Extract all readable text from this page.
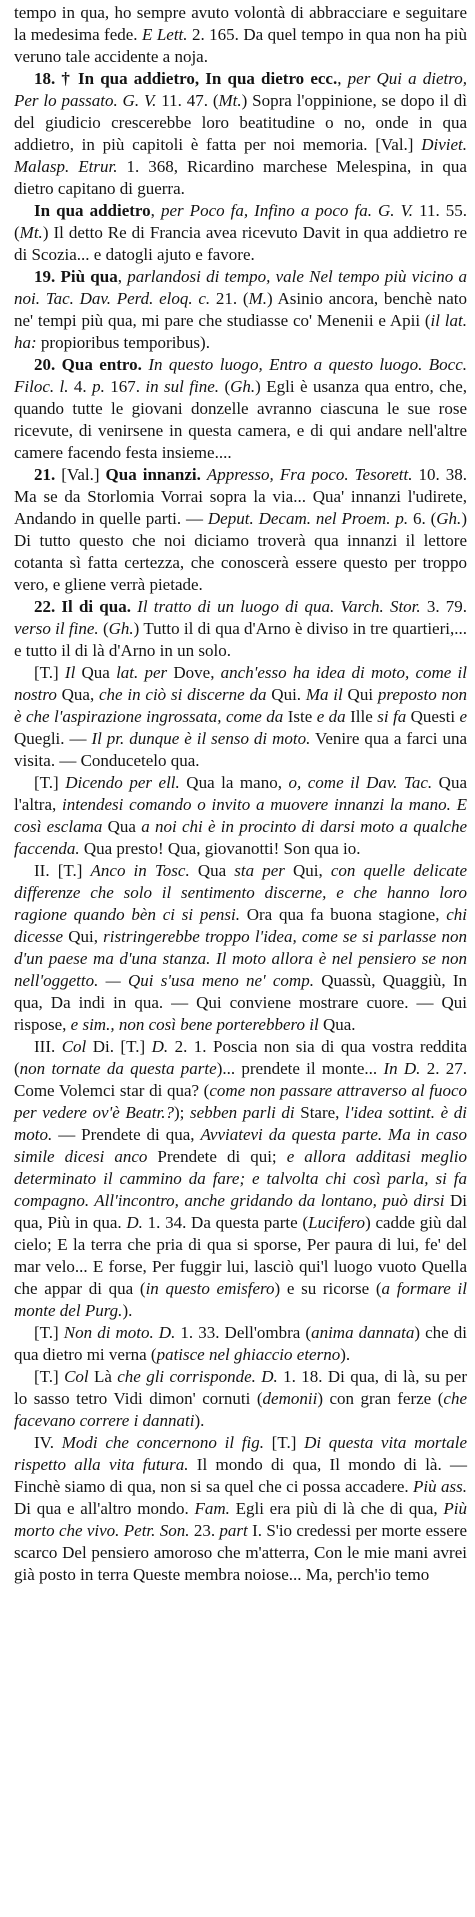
tempo in qua, ho sempre avuto volontà di abbracciare e seguitare la medesima fede. E Lett. 2. 165. Da quel tempo in qua non ha più veruno tale accidente a noja.

18. † In qua addietro, In qua dietro ecc., per Qui a dietro, Per lo passato. G. V. 11. 47. (Mt.) Sopra l'oppinione, se dopo il dì del giudicio crescerebbe loro beatitudine o no, onde in qua addietro, in più capitoli è fatta per noi memoria. [Val.] Diviet. Malasp. Etrur. 1. 368, Ricardino marchese Melespina, in qua dietro capitano di guerra.

In qua addietro, per Poco fa, Infino a poco fa. G. V. 11. 55. (Mt.) Il detto Re di Francia avea ricevuto Davit in qua addietro re di Scozia... e datogli ajuto e favore.

19. Più qua, parlandosi di tempo, vale Nel tempo più vicino a noi. Tac. Dav. Perd. eloq. c. 21. (M.) Asinio ancora, benchè nato ne' tempi più qua, mi pare che studiasse co' Menenii e Apii (il lat. ha: propioribus temporibus).

20. Qua entro. In questo luogo, Entro a questo luogo. Bocc. Filoc. l. 4. p. 167. in sul fine. (Gh.) Egli è usanza qua entro, che, quando tutte le giovani donzelle avranno ciascuna le sue rose ricevute, di venirsene in questa camera, e di qui andare nell'altre camere facendo festa insieme....

21. [Val.] Qua innanzi. Appresso, Fra poco. Tesorett. 10. 38. Ma se da Storlomia Vorrai sopra la via... Qua' innanzi l'udirete, Andando in quelle parti. — Deput. Decam. nel Proem. p. 6. (Gh.) Di tutto questo che noi diciamo troverà qua innanzi il lettore cotanta sì fatta certezza, che conoscerà essere questo per troppo vero, e gliene verrà pietade.

22. Il di qua. Il tratto di un luogo di qua. Varch. Stor. 3. 79. verso il fine. (Gh.) Tutto il di qua d'Arno è diviso in tre quartieri,... e tutto il di là d'Arno in un solo.

[T.] Il Qua lat. per Dove, anch'esso ha idea di moto, come il nostro Qua, che in ciò si discerne da Qui. Ma il Qui preposto non è che l'aspirazione ingrossata, come da Iste e da Ille si fa Questi e Quegli. — Il pr. dunque è il senso di moto. Venire qua a farci una visita. — Conducetelo qua.

[T.] Dicendo per ell. Qua la mano, o, come il Dav. Tac. Qua l'altra, intendesi comando o invito a muovere innanzi la mano. E così esclama Qua a noi chi è in procinto di darsi moto a qualche faccenda. Qua presto! Qua, giovanotti! Son qua io.

II. [T.] Anco in Tosc. Qua sta per Qui, con quelle delicate differenze che solo il sentimento discerne, e che hanno loro ragione quando bèn ci si pensi. Ora qua fa buona stagione, chi dicesse Qui, ristringerebbe troppo l'idea, come se si parlasse non d'un paese ma d'una stanza. Il moto allora è nel pensiero se non nell'oggetto. — Qui s'usa meno ne' comp. Quassù, Quaggiù, In qua, Da indi in qua. — Qui conviene mostrare cuore. — Qui rispose, e sim., non così bene porterebbero il Qua.

III. Col Di. [T.] D. 2. 1. Poscia non sia di qua vostra reddita (non tornate da questa parte)... prendete il monte... In D. 2. 27. Come Volemci star di qua? (come non passare attraverso al fuoco per vedere ov'è Beatr.?); sebben parli di Stare, l'idea sottint. è di moto. — Prendete di qua, Avviatevi da questa parte. Ma in caso simile dicesi anco Prendete di qui; e allora additasi meglio determinato il cammino da fare; e talvolta chi così parla, si fa compagno. All'incontro, anche gridando da lontano, può dirsi Di qua, Più in qua. D. 1. 34. Da questa parte (Lucifero) cadde giù dal cielo; E la terra che pria di qua si sporse, Per paura di lui, fe' del mar velo... E forse, Per fuggir lui, lasciò qui'l luogo vuoto Quella che appar di qua (in questo emisfero) e su ricorse (a formare il monte del Purg.).

[T.] Non di moto. D. 1. 33. Dell'ombra (anima dannata) che di qua dietro mi verna (patisce nel ghiaccio eterno).

[T.] Col Là che gli corrisponde. D. 1. 18. Di qua, di là, su per lo sasso tetro Vidi dimon' cornuti (demonii) con gran ferze (che facevano correre i dannati).

IV. Modi che concernono il fig. [T.] Di questa vita mortale rispetto alla vita futura. Il mondo di qua, Il mondo di là. — Finchè siamo di qua, non si sa quel che ci possa accadere. Più ass. Di qua e all'altro mondo. Fam. Egli era più di là che di qua, Più morto che vivo. Petr. Son. 23. part I. S'io credessi per morte essere scarco Del pensiero amoroso che m'atterra, Con le mie mani avrei già posto in terra Queste membra noiose... Ma, perch'io temo
